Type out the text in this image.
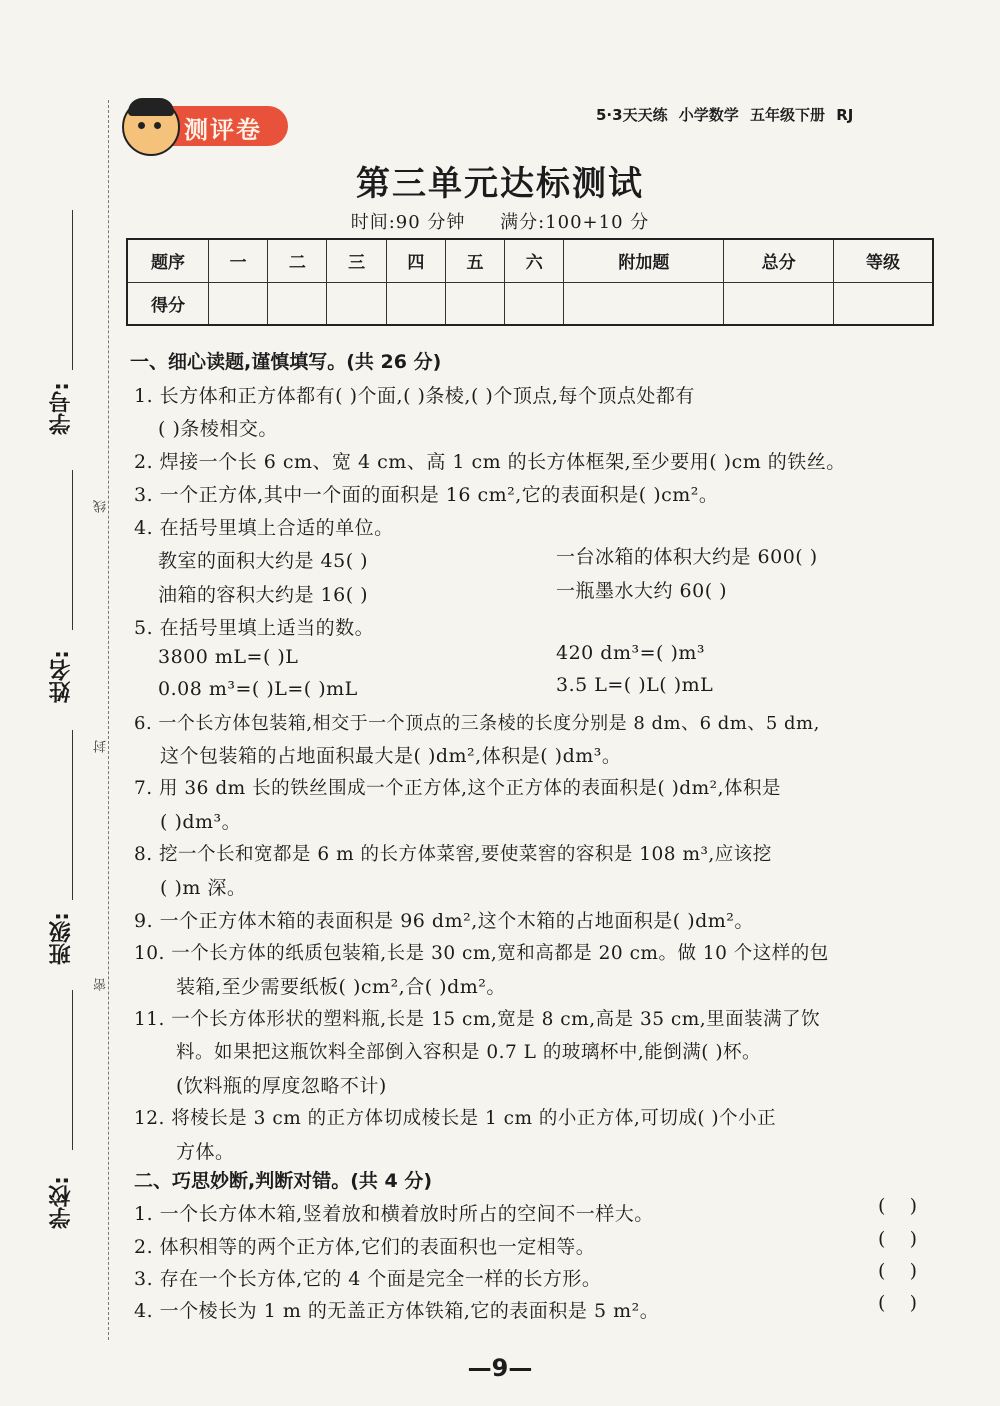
学号:
姓名:
班级:
学校:
线
封
密
测评卷
5·3天天练 小学数学 五年级下册 RJ
第三单元达标测试
时间:90 分钟 满分:100+10 分
题序	一	二	三	四	五	六	附加题	总分	等级
得分									
一、细心读题,谨慎填写。(共 26 分)
1. 长方体和正方体都有( )个面,( )条棱,( )个顶点,每个顶点处都有
( )条棱相交。
2. 焊接一个长 6 cm、宽 4 cm、高 1 cm 的长方体框架,至少要用( )cm 的铁丝。
3. 一个正方体,其中一个面的面积是 16 cm²,它的表面积是( )cm²。
4. 在括号里填上合适的单位。
教室的面积大约是 45( )	一台冰箱的体积大约是 600( )
油箱的容积大约是 16( )	一瓶墨水大约 60( )
5. 在括号里填上适当的数。
3800 mL=( )L	420 dm³=( )m³
0.08 m³=( )L=( )mL	3.5 L=( )L( )mL
6. 一个长方体包装箱,相交于一个顶点的三条棱的长度分别是 8 dm、6 dm、5 dm,
这个包装箱的占地面积最大是( )dm²,体积是( )dm³。
7. 用 36 dm 长的铁丝围成一个正方体,这个正方体的表面积是( )dm²,体积是
( )dm³。
8. 挖一个长和宽都是 6 m 的长方体菜窖,要使菜窖的容积是 108 m³,应该挖
( )m 深。
9. 一个正方体木箱的表面积是 96 dm²,这个木箱的占地面积是( )dm²。
10. 一个长方体的纸质包装箱,长是 30 cm,宽和高都是 20 cm。做 10 个这样的包
装箱,至少需要纸板( )cm²,合( )dm²。
11. 一个长方体形状的塑料瓶,长是 15 cm,宽是 8 cm,高是 35 cm,里面装满了饮
料。如果把这瓶饮料全部倒入容积是 0.7 L 的玻璃杯中,能倒满( )杯。
(饮料瓶的厚度忽略不计)
12. 将棱长是 3 cm 的正方体切成棱长是 1 cm 的小正方体,可切成( )个小正
方体。
二、巧思妙断,判断对错。(共 4 分)
1. 一个长方体木箱,竖着放和横着放时所占的空间不一样大。	(    )
2. 体积相等的两个正方体,它们的表面积也一定相等。	(    )
3. 存在一个长方体,它的 4 个面是完全一样的长方形。	(    )
4. 一个棱长为 1 m 的无盖正方体铁箱,它的表面积是 5 m²。	(    )
—9—
